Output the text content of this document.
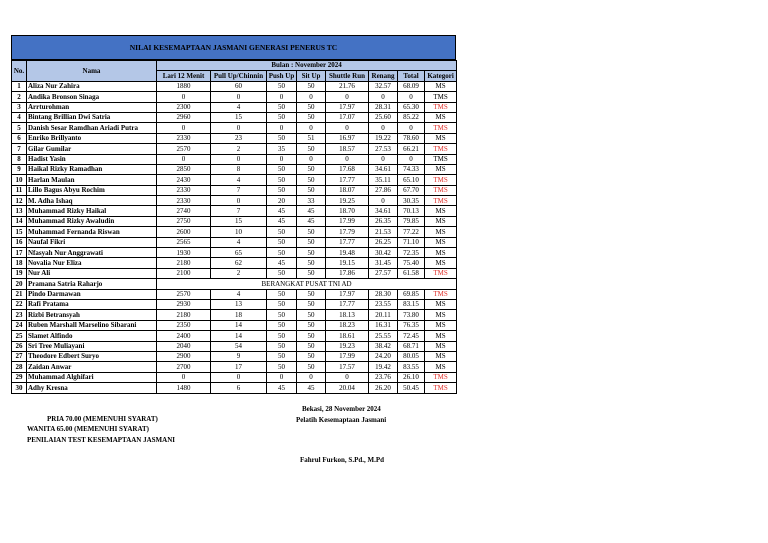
NILAI KESEMAPTAAN JASMANI GENERASI PENERUS TC
No.	Nama	Bulan : November 2024							
		Lari 12 Menit	Pull Up/Chinnin	Push Up	Sit Up	Shuttle Run	Renang	Total	Kategori
1	Aliza Nur Zahira	1880	60	50	50	21.76	32.57	68.09	MS
2	Andika Bronson Sinaga	0	0	0	0	0	0	0	TMS
3	Arrturohman	2300	4	50	50	17.97	28.31	65.30	TMS
4	Bintang Brillian Dwi Satria	2960	15	50	50	17.07	25.60	85.22	MS
5	Danish Sesar Ramdhan Ariadi Putra	0	0	0	0	0	0	0	TMS
6	Enriko Brillyanto	2330	23	50	51	16.97	19.22	78.60	MS
7	Gilar Gumilar	2570	2	35	50	18.57	27.53	66.21	TMS
8	Hadist Yasin	0	0	0	0	0	0	0	TMS
9	Haikal Rizky Ramadhan	2850	8	50	50	17.68	34.61	74.33	MS
10	Harlan Maulan	2430	4	50	50	17.77	35.11	65.10	TMS
11	Lillo Bagus Abyu Rochim	2330	7	50	50	18.07	27.86	67.70	TMS
12	M. Adha Ishaq	2330	0	20	33	19.25	0	30.35	TMS
13	Muhammad Rizky Haikal	2740	7	45	45	18.70	34.61	70.13	MS
14	Muhammad Rizky Awaludin	2750	15	45	45	17.99	26.35	79.85	MS
15	Muhammad Fernanda Riswan	2600	10	50	50	17.79	21.53	77.22	MS
16	Naufal Fikri	2565	4	50	50	17.77	26.25	71.10	MS
17	Nfasyah Nur Anggrawati	1930	65	50	50	19.48	30.42	72.35	MS
18	Novalia Nur Eliza	2180	62	45	50	19.15	31.45	75.40	MS
19	Nur Ali	2100	2	50	50	17.86	27.57	61.58	TMS
20	Pramana Satria Raharjo	BERANGKAT PUSAT TNI AD							
21	Pindo Darmawan	2570	4	50	50	17.97	28.30	69.85	TMS
22	Rafi Pratama	2930	13	50	50	17.77	23.55	83.15	MS
23	Rizbi Betransyah	2180	18	50	50	18.13	20.11	73.80	MS
24	Ruben Marshall Marselino Sibarani	2350	14	50	50	18.23	16.31	76.35	MS
25	Slamet Alfindo	2400	14	50	50	18.61	25.55	72.45	MS
26	Sri Tree Muliayani	2040	54	50	50	19.23	38.42	68.71	MS
27	Theodore Edbert Suryo	2900	9	50	50	17.99	24.20	80.05	MS
28	Zaidan Anwar	2700	17	50	50	17.57	19.42	83.55	MS
29	Muhammad Alghifari	0	0	0	0	0	23.76	26.10	TMS
30	Adhy Kresna	1480	6	45	45	20.04	26.20	50.45	TMS
PRIA 70.00 (MEMENUHI SYARAT)
WANITA 65.00 (MEMENUHI SYARAT)
PENILAIAN TEST KESEMAPTAAN JASMANI
Bekasi, 28 November 2024
Pelatih Kesemaptaan Jasmani
Fahrul Furkon, S.Pd., M.Pd
